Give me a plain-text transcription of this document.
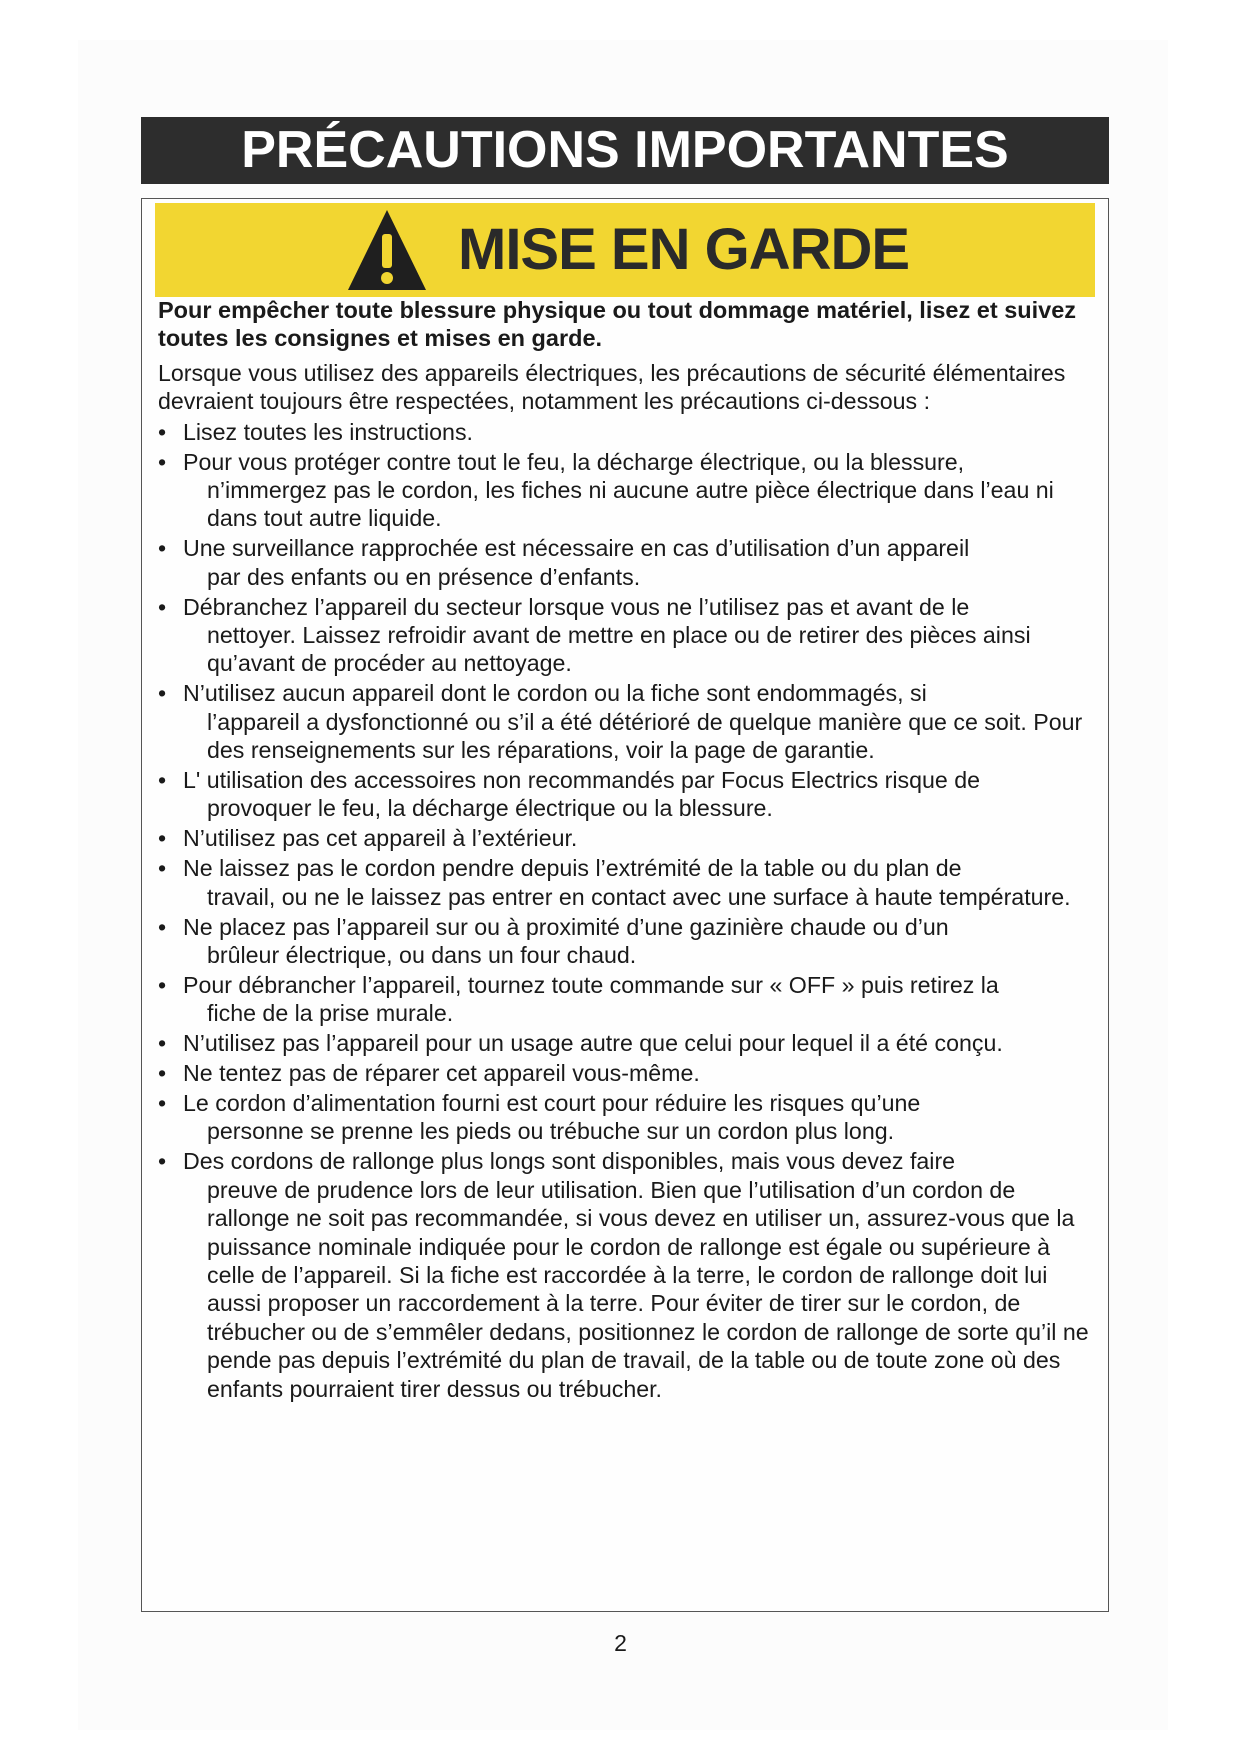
PRÉCAUTIONS IMPORTANTES
MISE EN GARDE

Pour empêcher toute blessure physique ou tout dommage matériel, lisez et suivez toutes les consignes et mises en garde.

Lorsque vous utilisez des appareils électriques, les précautions de sécurité élémentaires devraient toujours être respectées, notamment les précautions ci-dessous :

• Lisez toutes les instructions.
• Pour vous protéger contre tout le feu, la décharge électrique, ou la blessure,
n’immergez pas le cordon, les fiches ni aucune autre pièce électrique dans l’eau ni dans tout autre liquide.
• Une surveillance rapprochée est nécessaire en cas d’utilisation d’un appareil
par des enfants ou en présence d’enfants.
• Débranchez l’appareil du secteur lorsque vous ne l’utilisez pas et avant de le
nettoyer. Laissez refroidir avant de mettre en place ou de retirer des pièces ainsi qu’avant de procéder au nettoyage.
• N’utilisez aucun appareil dont le cordon ou la fiche sont endommagés, si
l’appareil a dysfonctionné ou s’il a été détérioré de quelque manière que ce soit. Pour des renseignements sur les réparations, voir la page de garantie.
• L' utilisation des accessoires non recommandés par Focus Electrics risque de
provoquer le feu, la décharge électrique ou la blessure.
• N’utilisez pas cet appareil à l’extérieur.
• Ne laissez pas le cordon pendre depuis l’extrémité de la table ou du plan de
travail, ou ne le laissez pas entrer en contact avec une surface à haute température.
• Ne placez pas l’appareil sur ou à proximité d’une gazinière chaude ou d’un
brûleur électrique, ou dans un four chaud.
• Pour débrancher l’appareil, tournez toute commande sur « OFF » puis retirez la
fiche de la prise murale.
• N’utilisez pas l’appareil pour un usage autre que celui pour lequel il a été conçu.
• Ne tentez pas de réparer cet appareil vous-même.
• Le cordon d’alimentation fourni est court pour réduire les risques qu’une
personne se prenne les pieds ou trébuche sur un cordon plus long.
• Des cordons de rallonge plus longs sont disponibles, mais vous devez faire
preuve de prudence lors de leur utilisation. Bien que l’utilisation d’un cordon de rallonge ne soit pas recommandée, si vous devez en utiliser un, assurez-vous que la puissance nominale indiquée pour le cordon de rallonge est égale ou supérieure à celle de l’appareil. Si la fiche est raccordée à la terre, le cordon de rallonge doit lui aussi proposer un raccordement à la terre. Pour éviter de tirer sur le cordon, de trébucher ou de s’emmêler dedans, positionnez le cordon de rallonge de sorte qu’il ne pende pas depuis l’extrémité du plan de travail, de la table ou de toute zone où des enfants pourraient tirer dessus ou trébucher.
2
